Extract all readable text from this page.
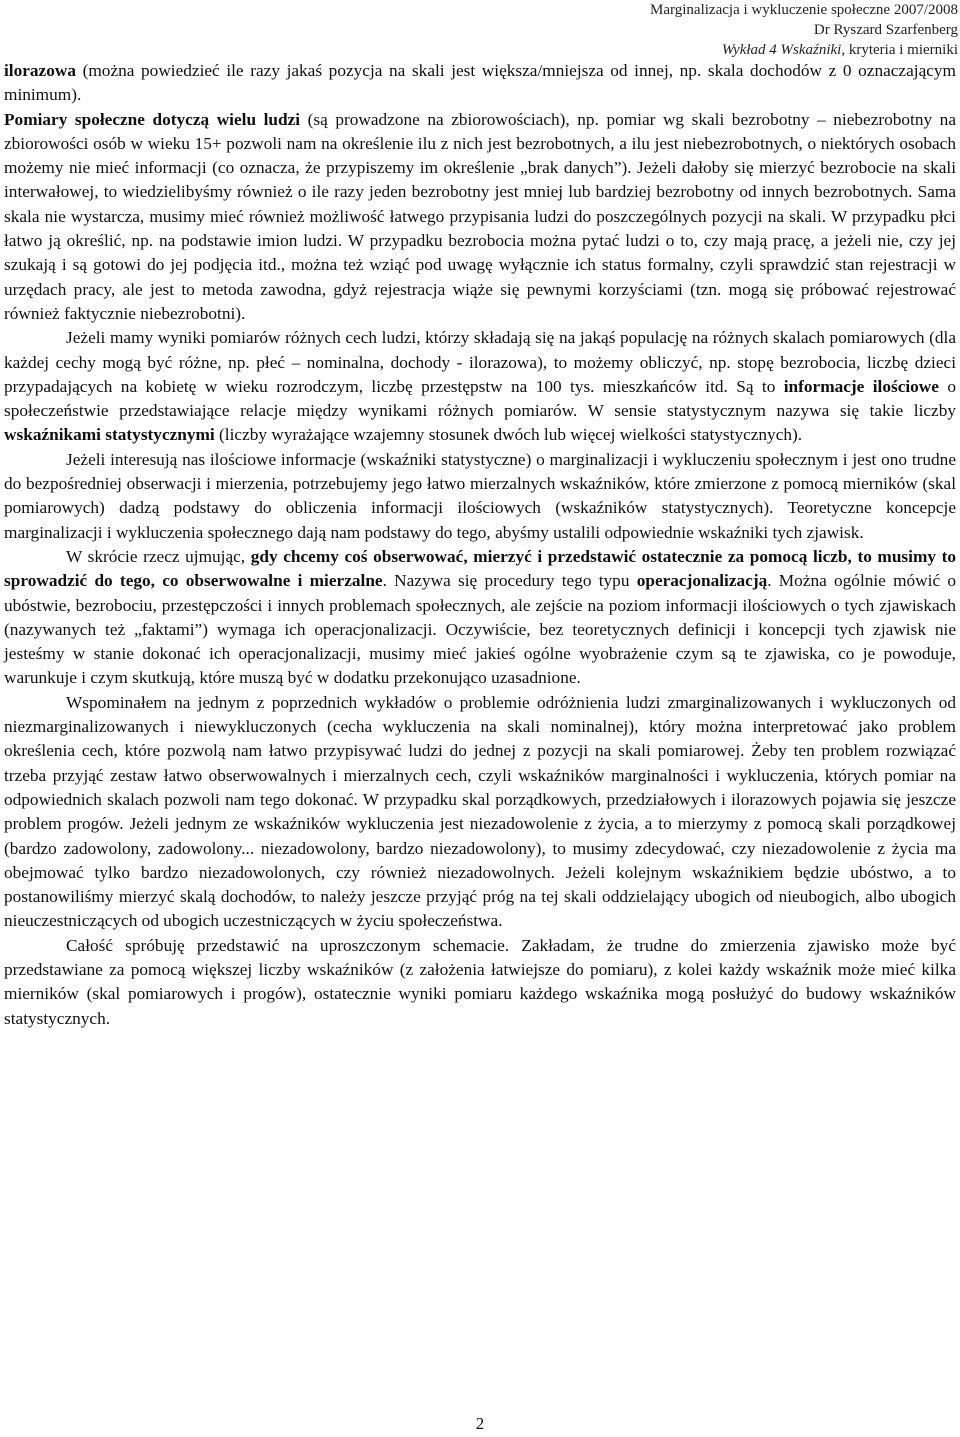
Marginalizacja i wykluczenie społeczne 2007/2008
Dr Ryszard Szarfenberg
Wykład 4 Wskaźniki, kryteria i mierniki

ilorazowa (można powiedzieć ile razy jakaś pozycja na skali jest większa/mniejsza od innej, np. skala dochodów z 0 oznaczającym minimum).

Pomiary społeczne dotyczą wielu ludzi (są prowadzone na zbiorowościach), np. pomiar wg skali bezrobotny – niebezrobotny na zbiorowości osób w wieku 15+ pozwoli nam na określenie ilu z nich jest bezrobotnych, a ilu jest niebezrobotnych, o niektórych osobach możemy nie mieć informacji (co oznacza, że przypiszemy im określenie „brak danych”). Jeżeli dałoby się mierzyć bezrobocie na skali interwałowej, to wiedzielibyśmy również o ile razy jeden bezrobotny jest mniej lub bardziej bezrobotny od innych bezrobotnych. Sama skala nie wystarcza, musimy mieć również możliwość łatwego przypisania ludzi do poszczególnych pozycji na skali. W przypadku płci łatwo ją określić, np. na podstawie imion ludzi. W przypadku bezrobocia można pytać ludzi o to, czy mają pracę, a jeżeli nie, czy jej szukają i są gotowi do jej podjęcia itd., można też wziąć pod uwagę wyłącznie ich status formalny, czyli sprawdzić stan rejestracji w urzędach pracy, ale jest to metoda zawodna, gdyż rejestracja wiąże się pewnymi korzyściami (tzn. mogą się próbować rejestrować również faktycznie niebezrobotni).

Jeżeli mamy wyniki pomiarów różnych cech ludzi, którzy składają się na jakąś populację na różnych skalach pomiarowych (dla każdej cechy mogą być różne, np. płeć – nominalna, dochody - ilorazowa), to możemy obliczyć, np. stopę bezrobocia, liczbę dzieci przypadających na kobietę w wieku rozrodczym, liczbę przestępstw na 100 tys. mieszkańców itd. Są to informacje ilościowe o społeczeństwie przedstawiające relacje między wynikami różnych pomiarów. W sensie statystycznym nazywa się takie liczby wskaźnikami statystycznymi (liczby wyrażające wzajemny stosunek dwóch lub więcej wielkości statystycznych).

Jeżeli interesują nas ilościowe informacje (wskaźniki statystyczne) o marginalizacji i wykluczeniu społecznym i jest ono trudne do bezpośredniej obserwacji i mierzenia, potrzebujemy jego łatwo mierzalnych wskaźników, które zmierzone z pomocą mierników (skal pomiarowych) dadzą podstawy do obliczenia informacji ilościowych (wskaźników statystycznych). Teoretyczne koncepcje marginalizacji i wykluczenia społecznego dają nam podstawy do tego, abyśmy ustalili odpowiednie wskaźniki tych zjawisk.

W skrócie rzecz ujmując, gdy chcemy coś obserwować, mierzyć i przedstawić ostatecznie za pomocą liczb, to musimy to sprowadzić do tego, co obserwowalne i mierzalne. Nazywa się procedury tego typu operacjonalizacją. Można ogólnie mówić o ubóstwie, bezrobociu, przestępczości i innych problemach społecznych, ale zejście na poziom informacji ilościowych o tych zjawiskach (nazywanych też „faktami”) wymaga ich operacjonalizacji. Oczywiście, bez teoretycznych definicji i koncepcji tych zjawisk nie jesteśmy w stanie dokonać ich operacjonalizacji, musimy mieć jakieś ogólne wyobrażenie czym są te zjawiska, co je powoduje, warunkuje i czym skutkują, które muszą być w dodatku przekonująco uzasadnione.

Wspominałem na jednym z poprzednich wykładów o problemie odróżnienia ludzi zmarginalizowanych i wykluczonych od niezmarginalizowanych i niewykluczonych (cecha wykluczenia na skali nominalnej), który można interpretować jako problem określenia cech, które pozwolą nam łatwo przypisywać ludzi do jednej z pozycji na skali pomiarowej. Żeby ten problem rozwiązać trzeba przyjąć zestaw łatwo obserwowalnych i mierzalnych cech, czyli wskaźników marginalności i wykluczenia, których pomiar na odpowiednich skalach pozwoli nam tego dokonać. W przypadku skal porządkowych, przedziałowych i ilorazowych pojawia się jeszcze problem progów. Jeżeli jednym ze wskaźników wykluczenia jest niezadowolenie z życia, a to mierzymy z pomocą skali porządkowej (bardzo zadowolony, zadowolony... niezadowolony, bardzo niezadowolony), to musimy zdecydować, czy niezadowolenie z życia ma obejmować tylko bardzo niezadowolonych, czy również niezadowolnych. Jeżeli kolejnym wskaźnikiem będzie ubóstwo, a to postanowiliśmy mierzyć skalą dochodów, to należy jeszcze przyjąć próg na tej skali oddzielający ubogich od nieubogich, albo ubogich nieuczestniczących od ubogich uczestniczących w życiu społeczeństwa.

Całość spróbuję przedstawić na uproszczonym schemacie. Zakładam, że trudne do zmierzenia zjawisko może być przedstawiane za pomocą większej liczby wskaźników (z założenia łatwiejsze do pomiaru), z kolei każdy wskaźnik może mieć kilka mierników (skal pomiarowych i progów), ostatecznie wyniki pomiaru każdego wskaźnika mogą posłużyć do budowy wskaźników statystycznych.

2
